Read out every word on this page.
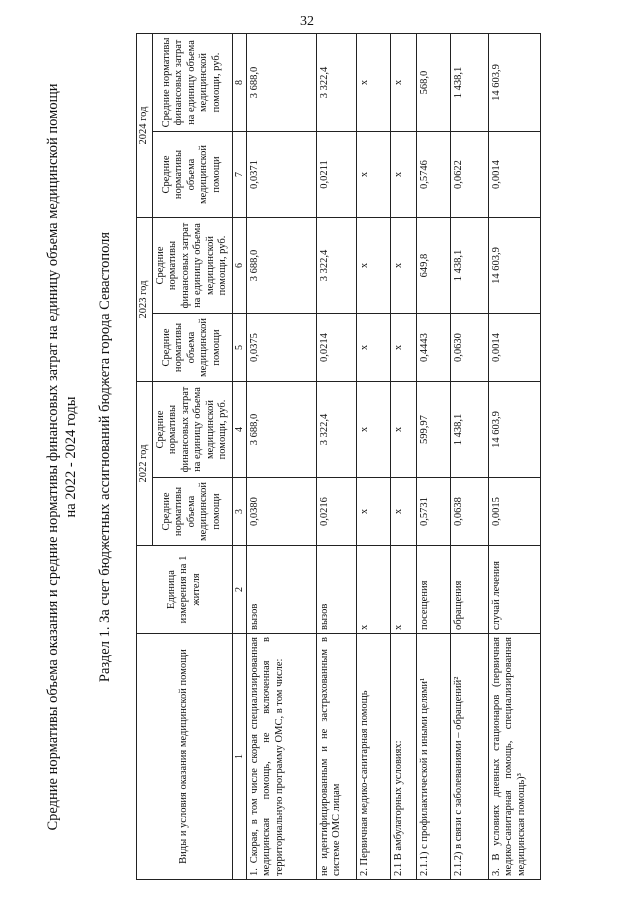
32
Средние нормативы объема оказания и средние нормативы финансовых затрат на единицу объема медицинской помощи на 2022 - 2024 годы Раздел 1. За счет бюджетных ассигнований бюджета города Севастополя
Виды и условия оказания медицинской помощи	Единица измерения на 1 жителя	2022 год		2023 год		2024 год	
		Средние нормативы объема медицинской помощи	Средние нормативы финансовых затрат на единицу объема медицинской помощи, руб.	Средние нормативы объема медицинской помощи	Средние нормативы финансовых затрат на единицу объема медицинской помощи, руб.	Средние нормативы объема медицинской помощи	Средние нормативы финансовых затрат на единицу объема медицинской помощи, руб.
1	2	3	4	5	6	7	8
1. Скорая, в том числе скорая специализированная медицинская помощь, не включенная в территориальную программу ОМС, в том числе:	вызов	0,0380	3 688,0	0,0375	3 688,0	0,0371	3 688,0
не идентифицированным и не застрахованным в системе ОМС лицам	вызов	0,0216	3 322,4	0,0214	3 322,4	0,0211	3 322,4
2. Первичная медико-санитарная помощь	х	х	х	х	х	х	х
2.1 В амбулаторных условиях:	х	х	х	х	х	х	х
2.1.1) с профилактической и иными целями¹	посещения	0,5731	599,97	0,4443	649,8	0,5746	568,0
2.1.2) в связи с заболеваниями – обращений²	обращения	0,0638	1 438,1	0,0630	1 438,1	0,0622	1 438,1
3. В условиях дневных стационаров (первичная медико-санитарная помощь, специализированная медицинская помощь)³	случай лечения	0,0015	14 603,9	0,0014	14 603,9	0,0014	14 603,9
